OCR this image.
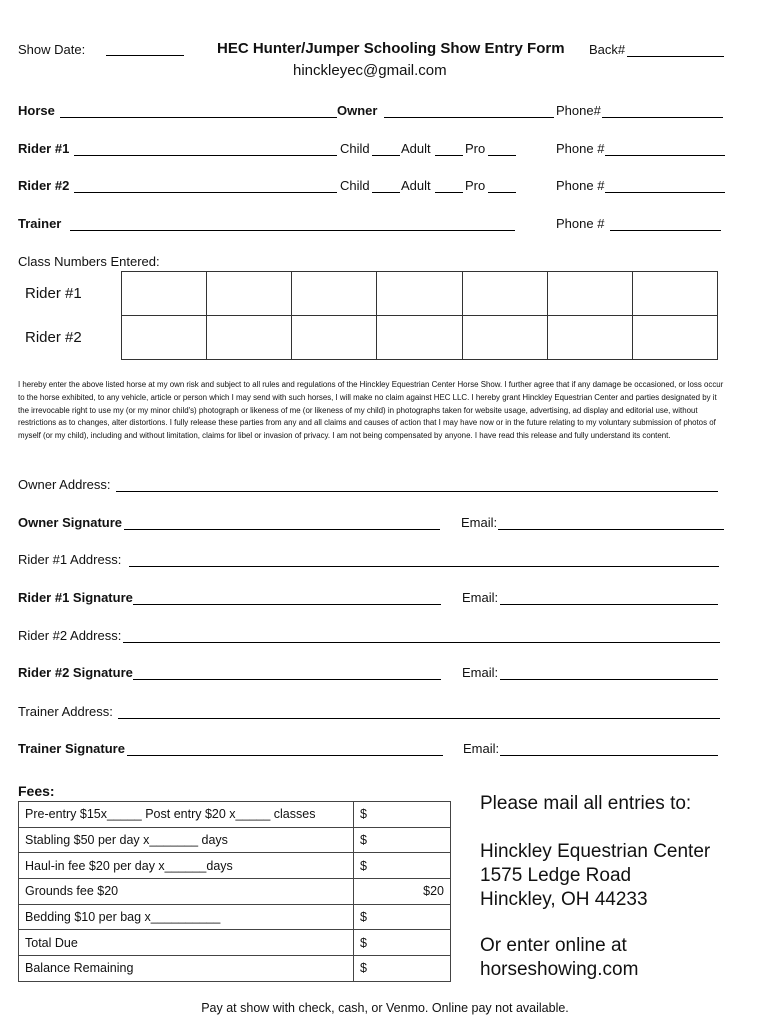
Show Date:	HEC Hunter/Jumper Schooling Show Entry Form Back#
hinckleyec@gmail.com
Horse	Owner	Phone#
Rider #1	Child Adult	Pro	Phone #
Rider #2	Child Adult	Pro	Phone #
Trainer	Phone #
Class Numbers Entered:
Rider #1							
Rider #2							
I hereby enter the above listed horse at my own risk and subject to all rules and regulations of the Hinckley Equestrian Center Horse Show. I further agree that if any damage be occasioned, or loss occur to the horse exhibited, to any vehicle, article or person which I may send with such horses, I will make no claim against HEC LLC. I hereby grant Hinckley Equestrian Center and parties designated by it the irrevocable right to use my (or my minor child's) photograph or likeness of me (or likeness of my child) in photographs taken for website usage, advertising, ad display and editorial use, without restrictions as to changes, alter distortions. I fully release these parties from any and all claims and causes of action that I may have now or in the future relating to my voluntary submission of photos of myself (or my child), including and without limitation, claims for libel or invasion of privacy. I am not being compensated by anyone. I have read this release and fully understand its content.
Owner Address:
Owner Signature	Email:
Rider #1 Address:
Rider #1 Signature	Email:
Rider #2 Address:
Rider #2 Signature	Email:
Trainer Address:
Trainer Signature	Email:
Fees:
Pre-entry $15x_____ Post entry $20 x_____ classes	$
Stabling $50 per day x_______ days	$
Haul-in fee $20 per day x______days	$
Grounds fee $20	$20
Bedding $10 per bag x__________	$
Total Due	$
Balance Remaining	$
Please mail all entries to:
Hinckley Equestrian Center
1575 Ledge Road
Hinckley, OH 44233
Or enter online at
horseshowing.com
Pay at show with check, cash, or Venmo. Online pay not available.
